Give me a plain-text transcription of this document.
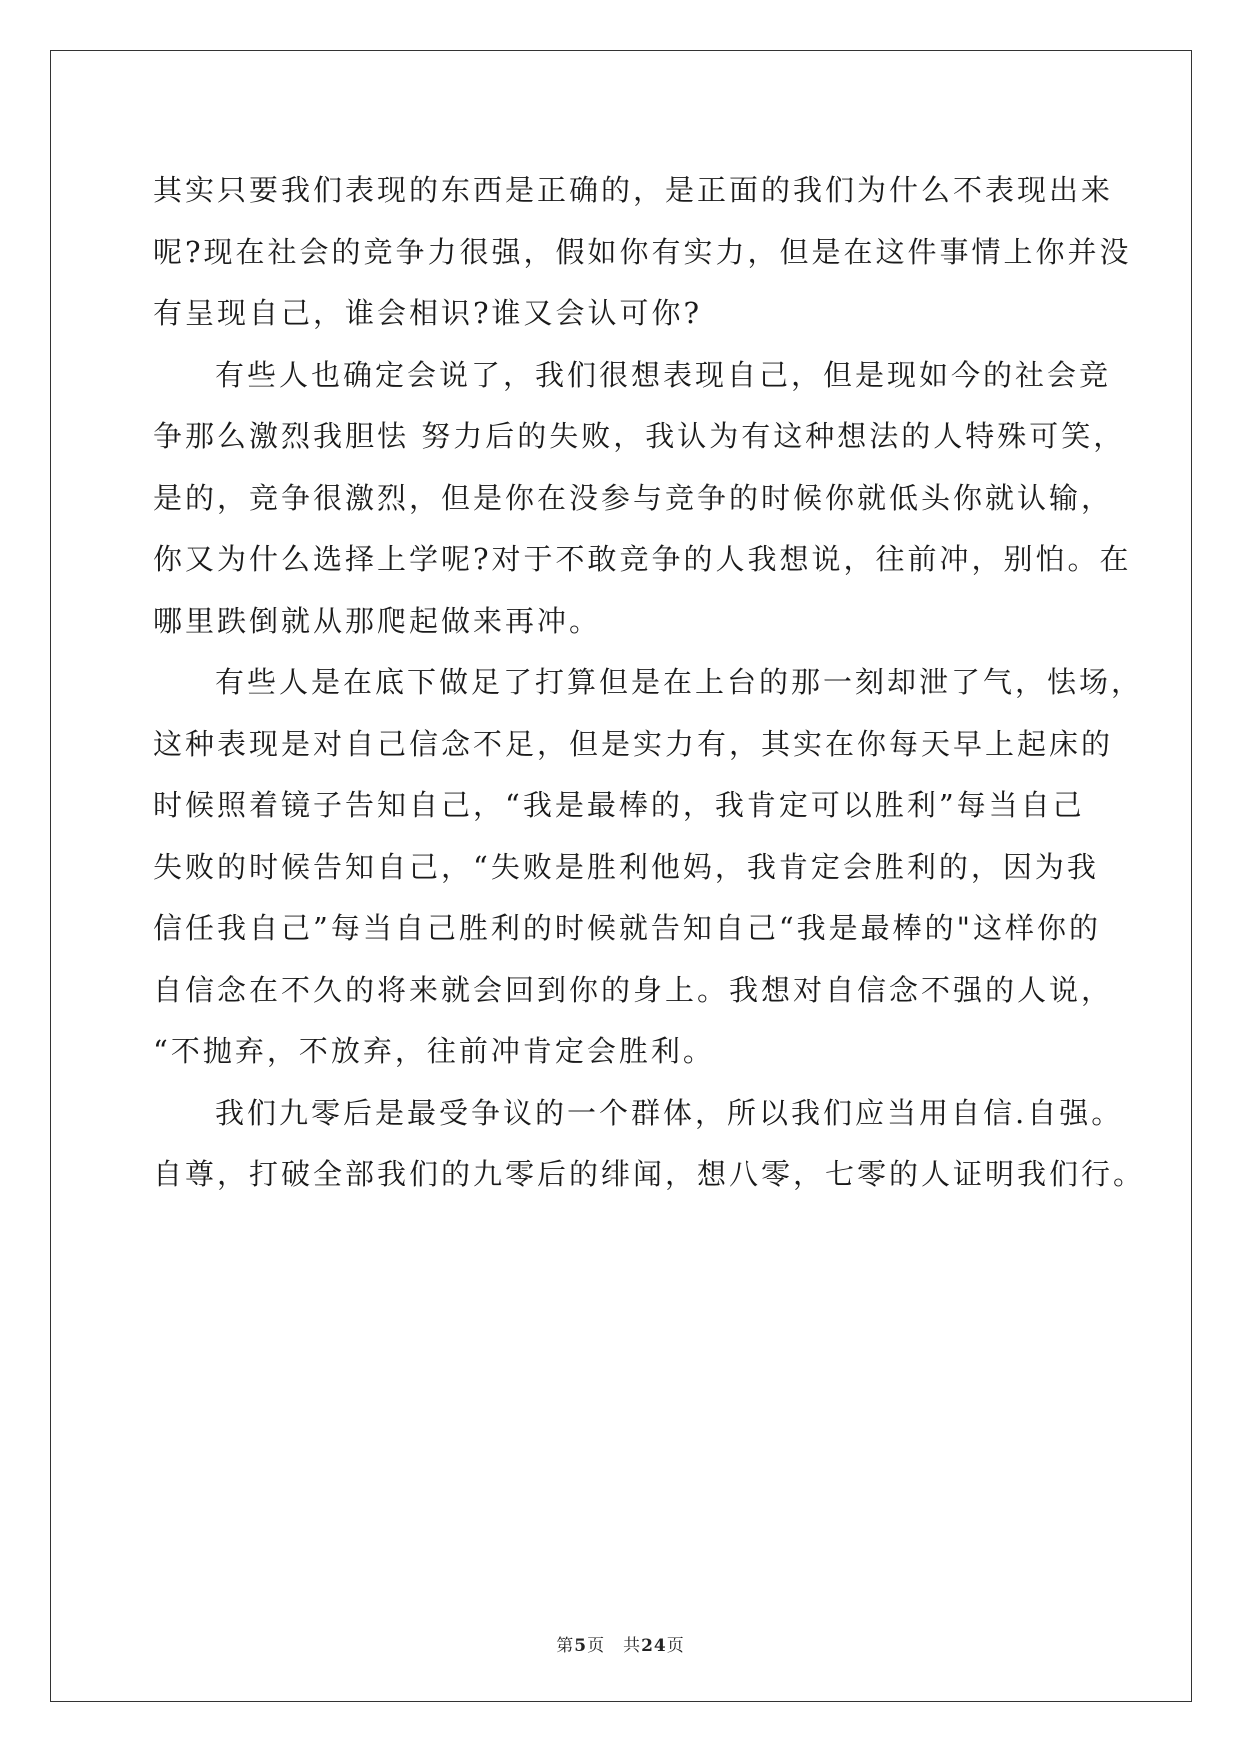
其实只要我们表现的东西是正确的，是正面的我们为什么不表现出来
呢?现在社会的竞争力很强，假如你有实力，但是在这件事情上你并没
有呈现自己，谁会相识?谁又会认可你?

有些人也确定会说了，我们很想表现自己，但是现如今的社会竞
争那么激烈我胆怯 努力后的失败，我认为有这种想法的人特殊可笑，
是的，竞争很激烈，但是你在没参与竞争的时候你就低头你就认输，
你又为什么选择上学呢?对于不敢竞争的人我想说，往前冲，别怕。在
哪里跌倒就从那爬起做来再冲。

有些人是在底下做足了打算但是在上台的那一刻却泄了气，怯场，
这种表现是对自己信念不足，但是实力有，其实在你每天早上起床的
时候照着镜子告知自己，“我是最棒的，我肯定可以胜利”每当自己
失败的时候告知自己，“失败是胜利他妈，我肯定会胜利的，因为我
信任我自己”每当自己胜利的时候就告知自己“我是最棒的"这样你的
自信念在不久的将来就会回到你的身上。我想对自信念不强的人说，
“不抛弃，不放弃，往前冲肯定会胜利。

我们九零后是最受争议的一个群体，所以我们应当用自信.自强。
自尊，打破全部我们的九零后的绯闻，想八零，七零的人证明我们行。

第5页　 共24页
